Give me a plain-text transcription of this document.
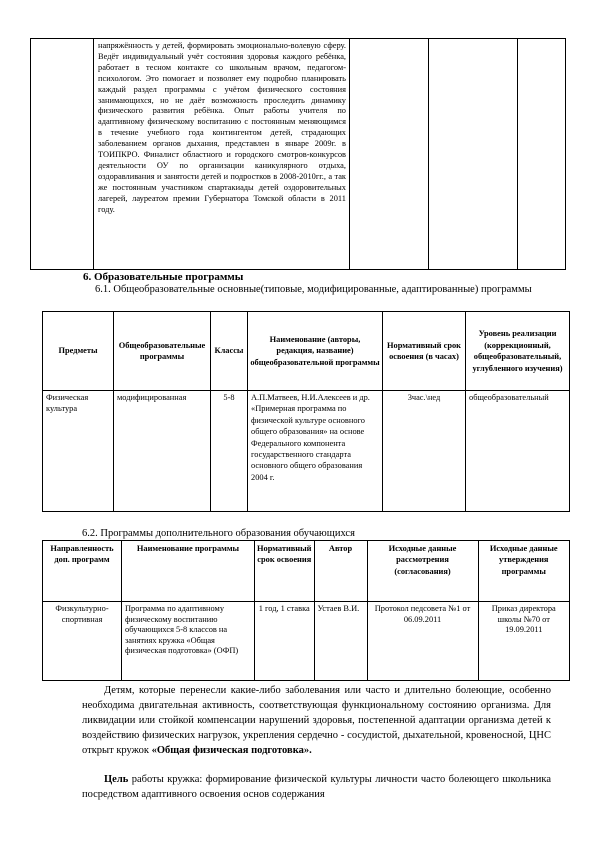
	напряжённость у детей, формировать эмоционально-волевую сферу. Ведёт индивидуальный учёт состояния здоровья каждого ребёнка, работает в тесном контакте со школьным врачом, педагогом-психологом. Это помогает и позволяет ему подробно планировать каждый раздел программы с учётом физического состояния занимающихся, но не даёт возможность проследить динамику физического развития ребёнка. Опыт работы учителя по адаптивному физическому воспитанию с постоянным меняющимся в течение учебного года контингентом детей, страдающих заболеванием органов дыхания, представлен в январе 2009г. в ТОИПКРО. Финалист областного и городского смотров-конкурсов деятельности ОУ по организации каникулярного отдыха, оздоравливания и занятости детей и подростков в 2008-2010гг., а так же постоянным участником спартакиады детей оздоровительных лагерей, лауреатом премии Губернатора Томской области в 2011 году.			
6. Образовательные программы
6.1. Общеобразовательные основные(типовые, модифицированные, адаптированные) программы
Предметы	Общеобразовательные программы	Классы	Наименование (авторы, редакция, название) общеобразовательной программы	Нормативный срок освоения (в часах)	Уровень реализации (коррекционный, общеобразовательный, углубленного изучения)
Физическая культура	модифицированная	5-8	А.П.Матвеев, Н.И.Алексеев и др. «Примерная программа по физической культуре основного общего образования» на основе Федерального компонента государственного стандарта основного общего образования 2004 г.	3час.\нед	общеобразовательный
6.2. Программы дополнительного образования обучающихся
Направленность доп. программ	Наименование программы	Нормативный срок освоения	Автор	Исходные данные рассмотрения (согласования)	Исходные данные утверждения программы
Физкультурно-спортивная	Программа по адаптивному физическому воспитанию обучающихся 5-8 классов на занятиях кружка «Общая физическая подготовка» (ОФП)	1 год, 1 ставка	Устаев В.И.	Протокол педсовета №1 от 06.09.2011	Приказ директора школы №70 от 19.09.2011
Детям, которые перенесли какие-либо заболевания или часто и длительно болеющие, особенно необходима двигательная активность, соответствующая функциональному состоянию организма. Для ликвидации или стойкой компенсации нарушений здоровья, постепенной адаптации организма детей к воздействию физических нагрузок, укрепления сердечно - сосудистой, дыхательной, кровеносной, ЦНС открыт кружок «Общая физическая подготовка».
Цель работы кружка: формирование физической культуры личности часто болеющего школьника посредством адаптивного освоения основ содержания
